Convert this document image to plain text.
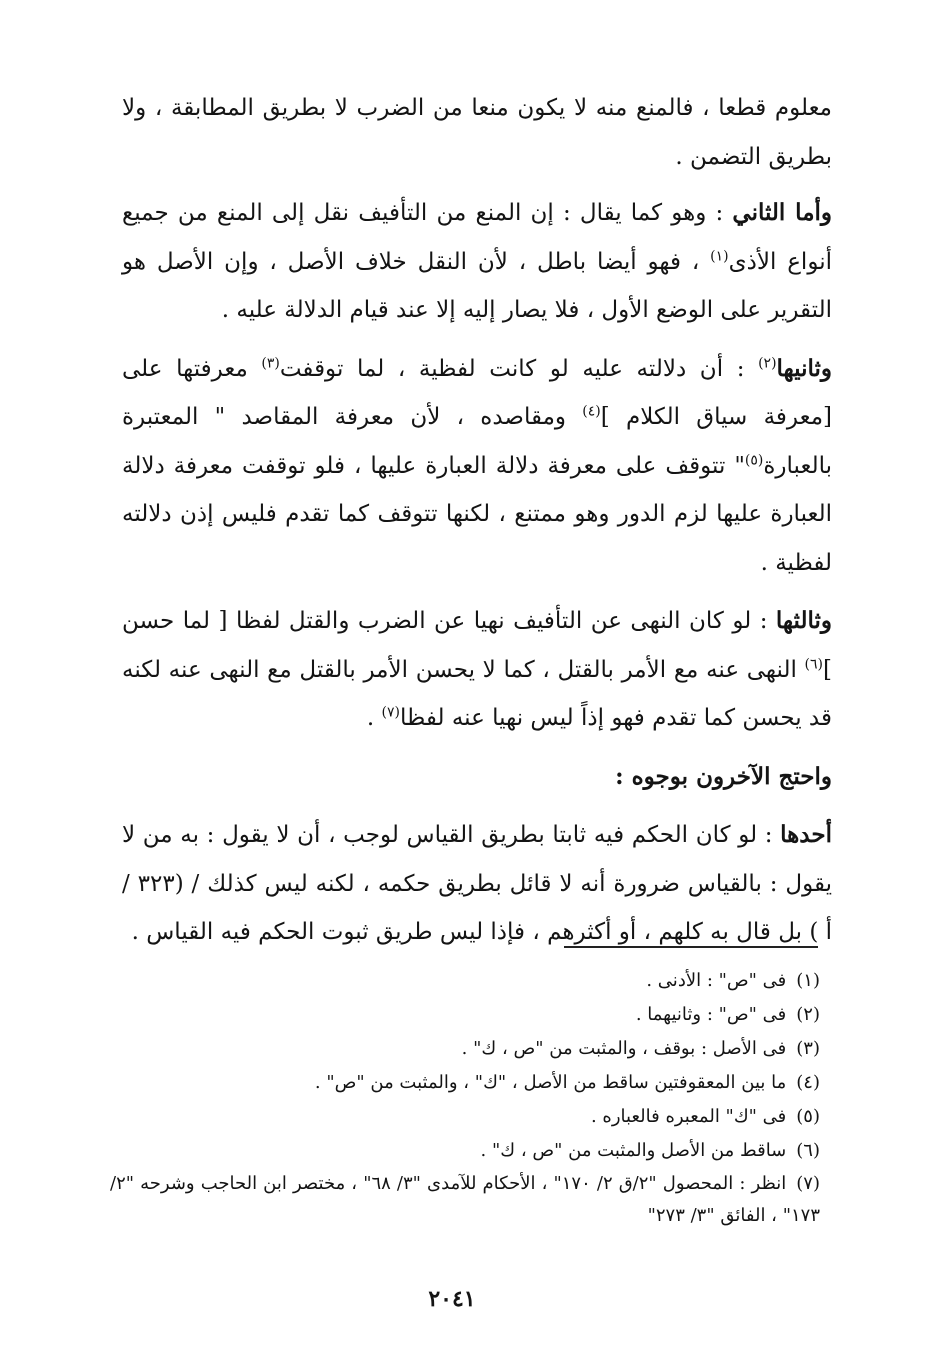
معلوم قطعا ، فالمنع منه لا يكون منعا من الضرب لا بطريق المطابقة ، ولا بطريق التضمن .

وأما الثاني : وهو كما يقال : إن المنع من التأفيف نقل إلى المنع من جميع أنواع الأذى$^{(١)}$ ، فهو أيضا باطل ، لأن النقل خلاف الأصل ، وإن الأصل هو التقرير على الوضع الأول ، فلا يصار إليه إلا عند قيام الدلالة عليه .

وثانيها$^{(٢)}$ : أن دلالته عليه لو كانت لفظية ، لما توقفت$^{(٣)}$ معرفتها على [معرفة سياق الكلام ]$^{(٤)}$ ومقاصده ، لأن معرفة المقاصد " المعتبرة بالعبارة$^{(٥)}$" تتوقف على معرفة دلالة العبارة عليها ، فلو توقفت معرفة دلالة العبارة عليها لزم الدور وهو ممتنع ، لكنها تتوقف كما تقدم فليس إذن دلالته لفظية .

وثالثها : لو كان النهى عن التأفيف نهيا عن الضرب والقتل لفظا [ لما حسن ]$^{(٦)}$ النهى عنه مع الأمر بالقتل ، كما لا يحسن الأمر بالقتل مع النهى عنه لكنه قد يحسن كما تقدم فهو إذاً ليس نهيا عنه لفظا$^{(٧)}$ .

واحتج الآخرون بوجوه :

أحدها : لو كان الحكم فيه ثابتا بطريق القياس لوجب ، أن لا يقول : به من لا يقول : بالقياس ضرورة أنه لا قائل بطريق حكمه ، لكنه ليس كذلك / (٣٢٣ / أ ) بل قال به كلهم ، أو أكثرهم ، فإذا ليس طريق ثبوت الحكم فيه القياس .

(١)فى "ص" : الأدنى .

(٢)فى "ص" : وثانيهما .

(٣)فى الأصل : بوقف ، والمثبت من "ص ، ك" .

(٤)ما بين المعقوفتين ساقط من الأصل ، "ك" ، والمثبت من "ص" .

(٥)فى "ك" المعبره فالعباره .

(٦)ساقط من الأصل والمثبت من "ص ، ك" .

(٧)انظر : المحصول "٢/ق ٢/ ١٧٠" ، الأحكام للآمدى "٣/ ٦٨" ، مختصر ابن الحاجب وشرحه "٢/ ١٧٣" ، الفائق "٣/ ٢٧٣"

٢٠٤١
